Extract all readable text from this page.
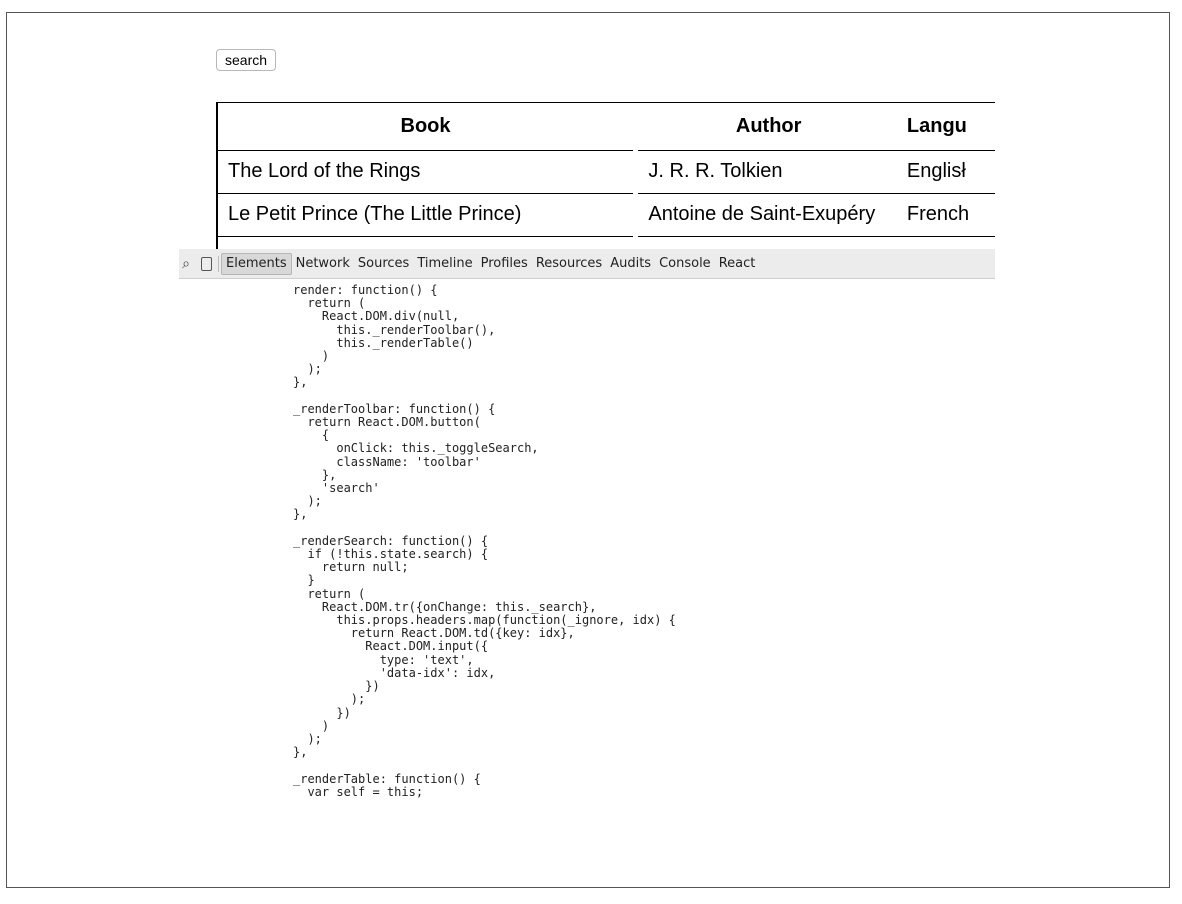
search
Book		Author	Langu
The Lord of the Rings		J. R. R. Tolkien	Englisł
Le Petit Prince (The Little Prince)		Antoine de Saint-Exupéry	French
⌕	Elements Network Sources Timeline Profiles Resources Audits Console React
render: function() {
return (
React.DOM.div(null,
this._renderToolbar(),
this._renderTable()
)
);
},

_renderToolbar: function() {
return React.DOM.button(
{
onClick: this._toggleSearch,
className: 'toolbar'
},
'search'
);
},

_renderSearch: function() {
if (!this.state.search) {
return null;
}
return (
React.DOM.tr({onChange: this._search},
this.props.headers.map(function(_ignore, idx) {
return React.DOM.td({key: idx},
React.DOM.input({
type: 'text',
'data-idx': idx,
})
);
})
)
);
},

_renderTable: function() {
var self = this;
